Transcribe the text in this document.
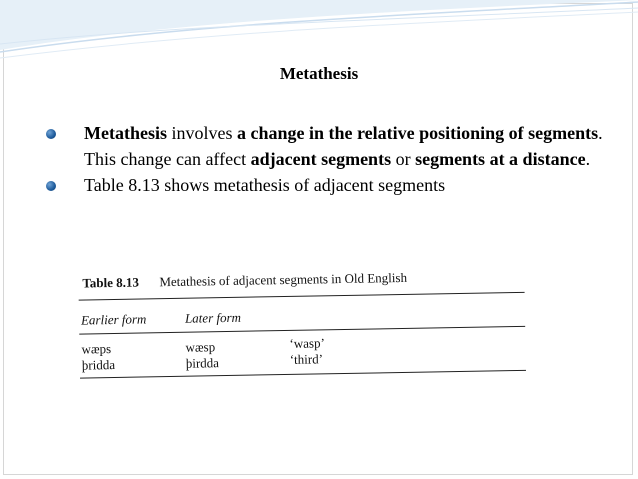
Metathesis
Metathesis involves a change in the relative positioning of segments. This change can affect adjacent segments or segments at a distance.
Table 8.13 shows metathesis of adjacent segments
Table 8.13 Metathesis of adjacent segments in Old English
Earlier form	Later form
wæps	wæsp	‘wasp’
þridda	þirdda	‘third’
